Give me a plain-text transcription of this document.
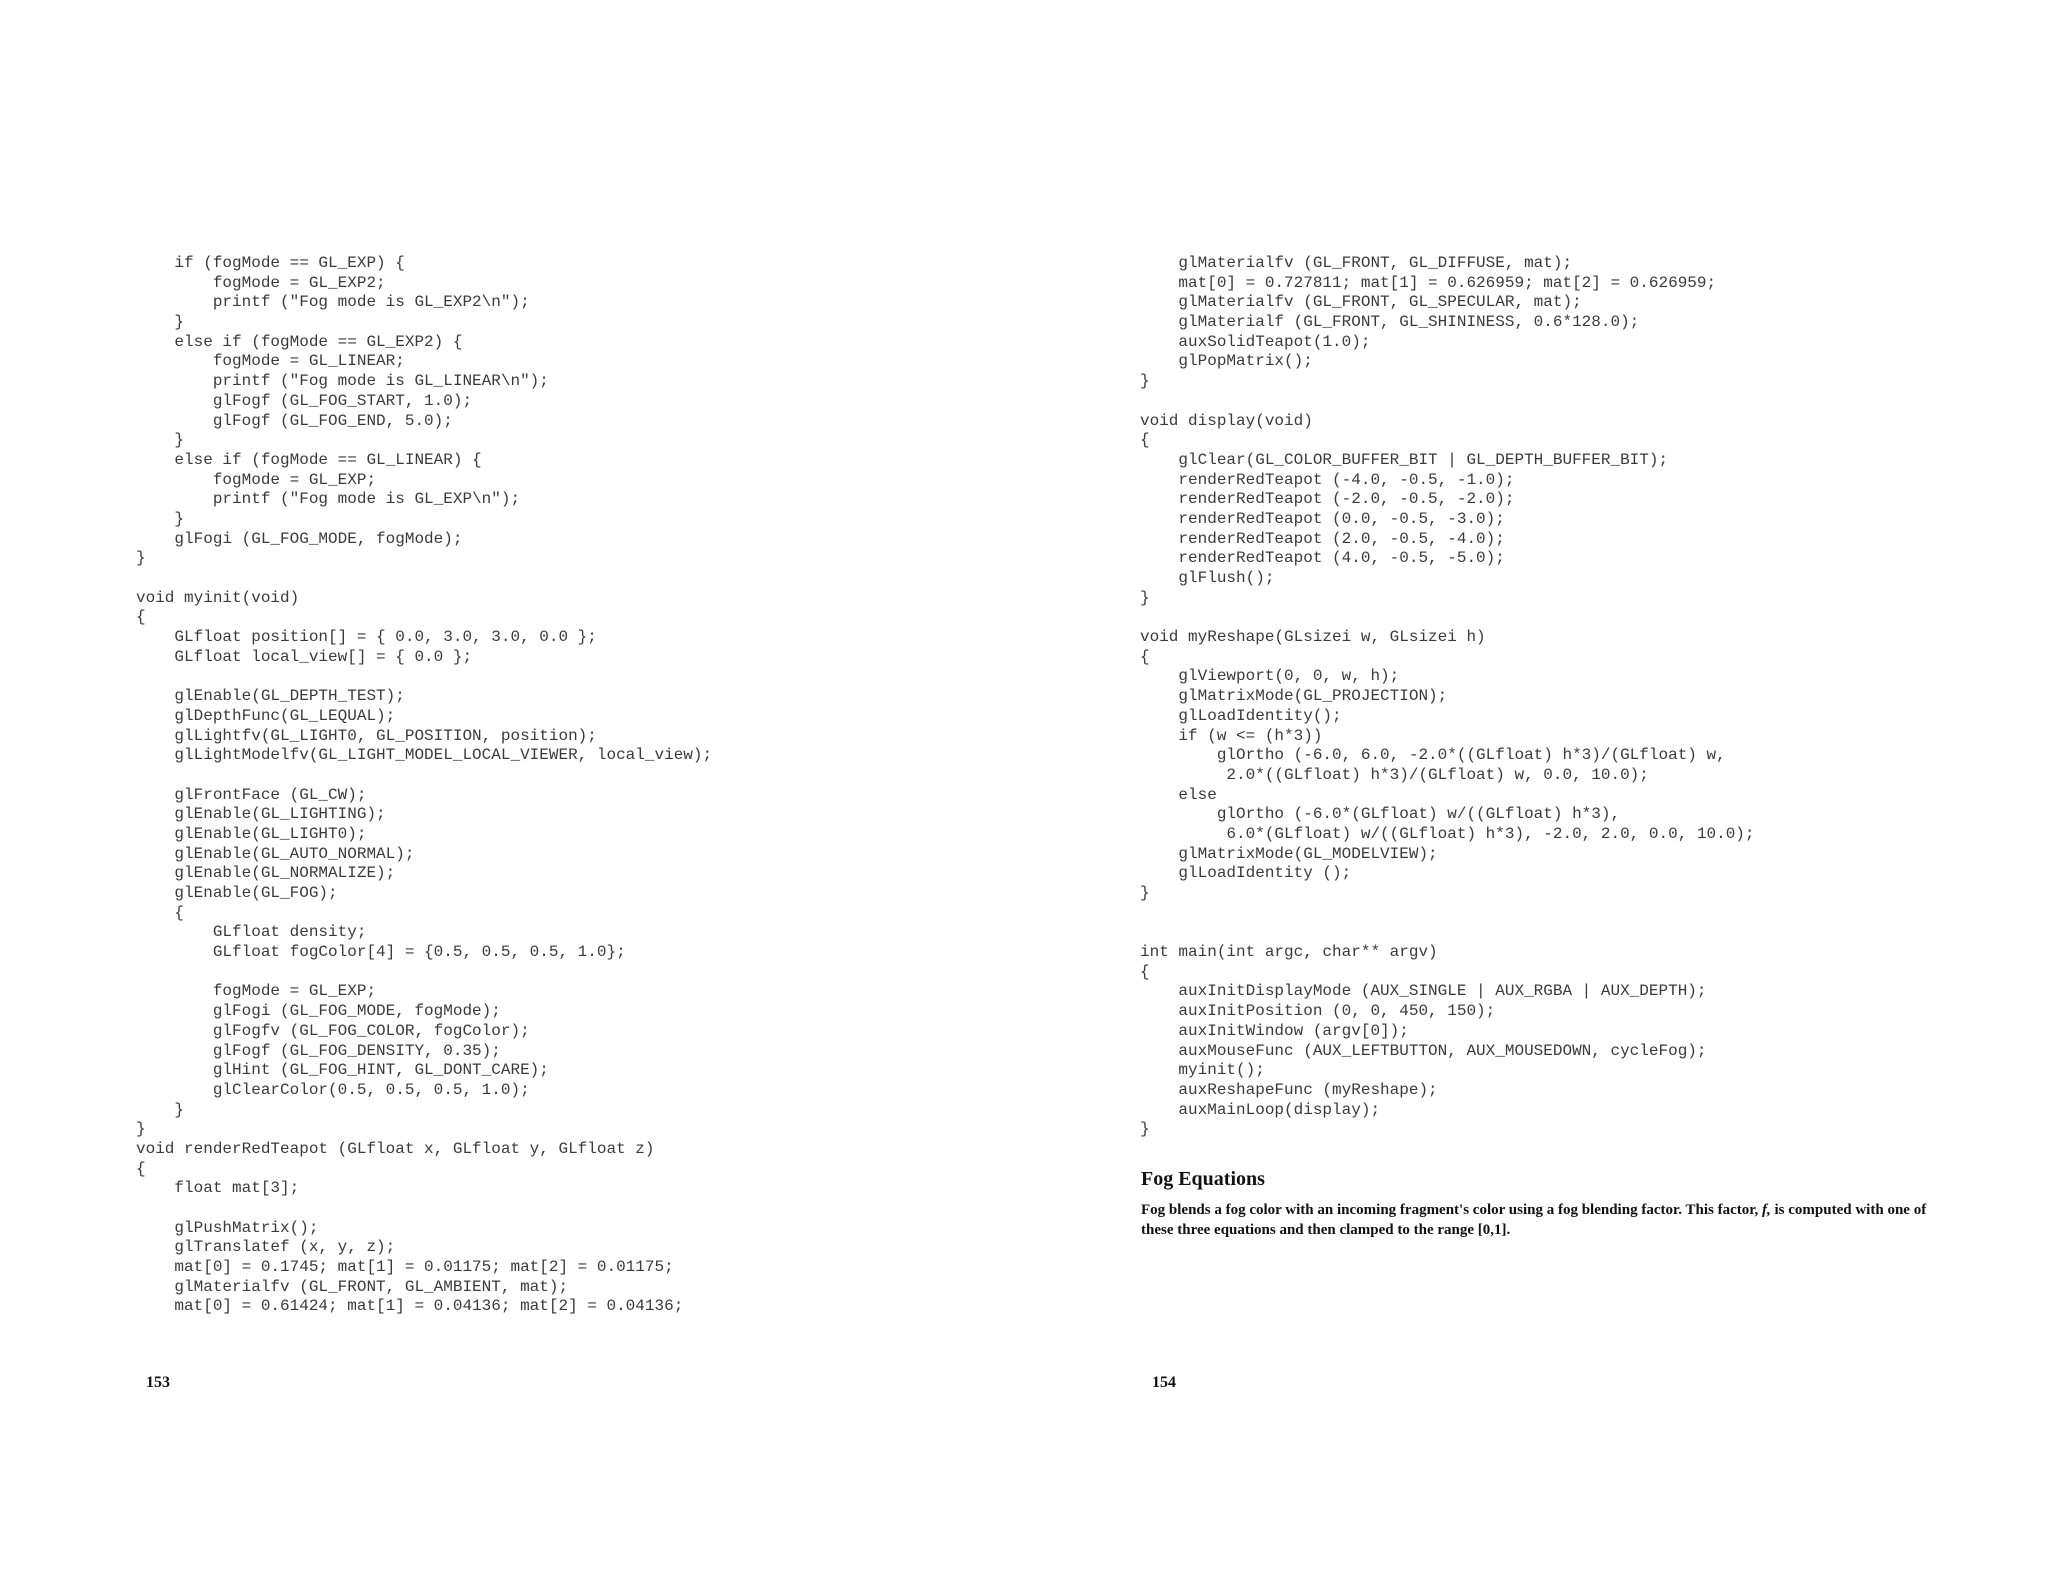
if (fogMode == GL_EXP) {
fogMode = GL_EXP2;
printf ("Fog mode is GL_EXP2\n");
}
else if (fogMode == GL_EXP2) {
fogMode = GL_LINEAR;
printf ("Fog mode is GL_LINEAR\n");
glFogf (GL_FOG_START, 1.0);
glFogf (GL_FOG_END, 5.0);
}
else if (fogMode == GL_LINEAR) {
fogMode = GL_EXP;
printf ("Fog mode is GL_EXP\n");
}
glFogi (GL_FOG_MODE, fogMode);
}
void myinit(void)
{
GLfloat position[] = { 0.0, 3.0, 3.0, 0.0 };
GLfloat local_view[] = { 0.0 };
glEnable(GL_DEPTH_TEST);
glDepthFunc(GL_LEQUAL);
glLightfv(GL_LIGHT0, GL_POSITION, position);
glLightModelfv(GL_LIGHT_MODEL_LOCAL_VIEWER, local_view);
glFrontFace (GL_CW);
glEnable(GL_LIGHTING);
glEnable(GL_LIGHT0);
glEnable(GL_AUTO_NORMAL);
glEnable(GL_NORMALIZE);
glEnable(GL_FOG);
{
GLfloat density;
GLfloat fogColor[4] = {0.5, 0.5, 0.5, 1.0};
fogMode = GL_EXP;
glFogi (GL_FOG_MODE, fogMode);
glFogfv (GL_FOG_COLOR, fogColor);
glFogf (GL_FOG_DENSITY, 0.35);
glHint (GL_FOG_HINT, GL_DONT_CARE);
glClearColor(0.5, 0.5, 0.5, 1.0);
}
}
void renderRedTeapot (GLfloat x, GLfloat y, GLfloat z)
{
float mat[3];
glPushMatrix();
glTranslatef (x, y, z);
mat[0] = 0.1745; mat[1] = 0.01175; mat[2] = 0.01175;
glMaterialfv (GL_FRONT, GL_AMBIENT, mat);
mat[0] = 0.61424; mat[1] = 0.04136; mat[2] = 0.04136;
153
glMaterialfv (GL_FRONT, GL_DIFFUSE, mat);
mat[0] = 0.727811; mat[1] = 0.626959; mat[2] = 0.626959;
glMaterialfv (GL_FRONT, GL_SPECULAR, mat);
glMaterialf (GL_FRONT, GL_SHININESS, 0.6*128.0);
auxSolidTeapot(1.0);
glPopMatrix();
}
void display(void)
{
glClear(GL_COLOR_BUFFER_BIT | GL_DEPTH_BUFFER_BIT);
renderRedTeapot (-4.0, -0.5, -1.0);
renderRedTeapot (-2.0, -0.5, -2.0);
renderRedTeapot (0.0, -0.5, -3.0);
renderRedTeapot (2.0, -0.5, -4.0);
renderRedTeapot (4.0, -0.5, -5.0);
glFlush();
}
void myReshape(GLsizei w, GLsizei h)
{
glViewport(0, 0, w, h);
glMatrixMode(GL_PROJECTION);
glLoadIdentity();
if (w <= (h*3))
glOrtho (-6.0, 6.0, -2.0*((GLfloat) h*3)/(GLfloat) w,
2.0*((GLfloat) h*3)/(GLfloat) w, 0.0, 10.0);
else
glOrtho (-6.0*(GLfloat) w/((GLfloat) h*3),
6.0*(GLfloat) w/((GLfloat) h*3), -2.0, 2.0, 0.0, 10.0);
glMatrixMode(GL_MODELVIEW);
glLoadIdentity ();
}
int main(int argc, char** argv)
{
auxInitDisplayMode (AUX_SINGLE | AUX_RGBA | AUX_DEPTH);
auxInitPosition (0, 0, 450, 150);
auxInitWindow (argv[0]);
auxMouseFunc (AUX_LEFTBUTTON, AUX_MOUSEDOWN, cycleFog);
myinit();
auxReshapeFunc (myReshape);
auxMainLoop(display);
}
Fog Equations

Fog blends a fog color with an incoming fragment's color using a fog blending factor. This factor, f, is computed with one of these three equations and then clamped to the range [0,1].

154
